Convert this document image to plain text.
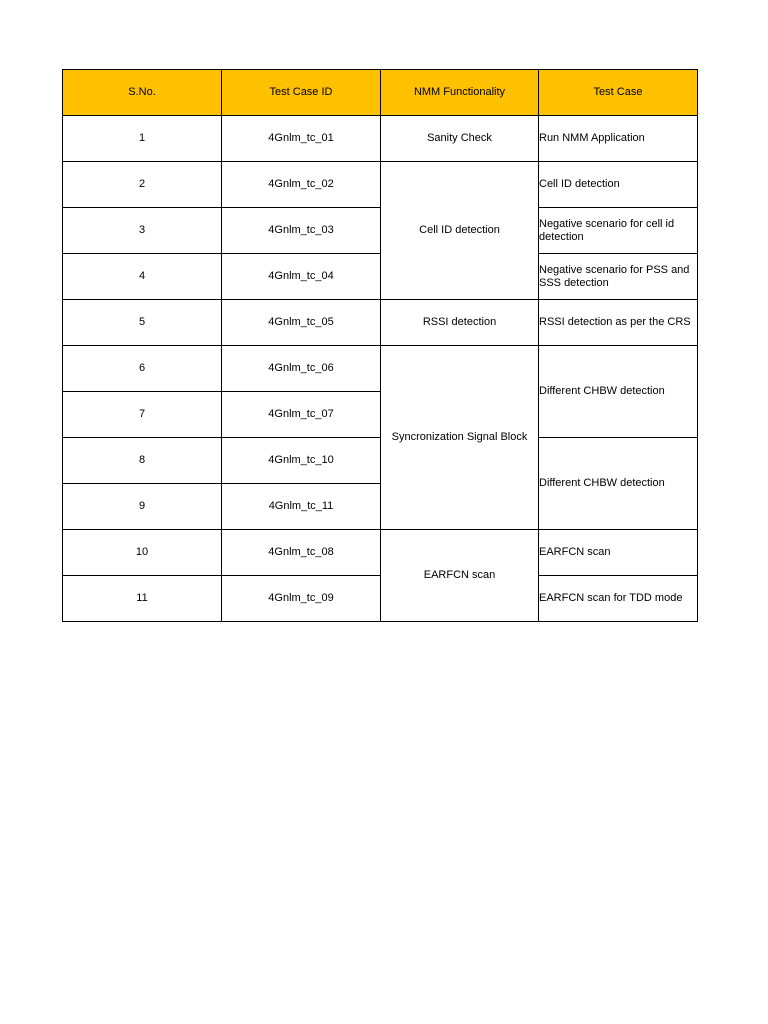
S.No.	Test Case ID	NMM Functionality	Test Case
1	4Gnlm_tc_01	Sanity Check	Run NMM Application
2	4Gnlm_tc_02	Cell ID detection	Cell ID detection
3	4Gnlm_tc_03		Negative scenario for cell id detection
4	4Gnlm_tc_04		Negative scenario for PSS and SSS detection
5	4Gnlm_tc_05	RSSI detection	RSSI detection as per the CRS
6	4Gnlm_tc_06	Syncronization Signal Block	Different CHBW detection
7	4Gnlm_tc_07		
8	4Gnlm_tc_10		Different CHBW detection
9	4Gnlm_tc_11		
10	4Gnlm_tc_08	EARFCN scan	EARFCN scan
11	4Gnlm_tc_09		EARFCN scan for TDD mode
